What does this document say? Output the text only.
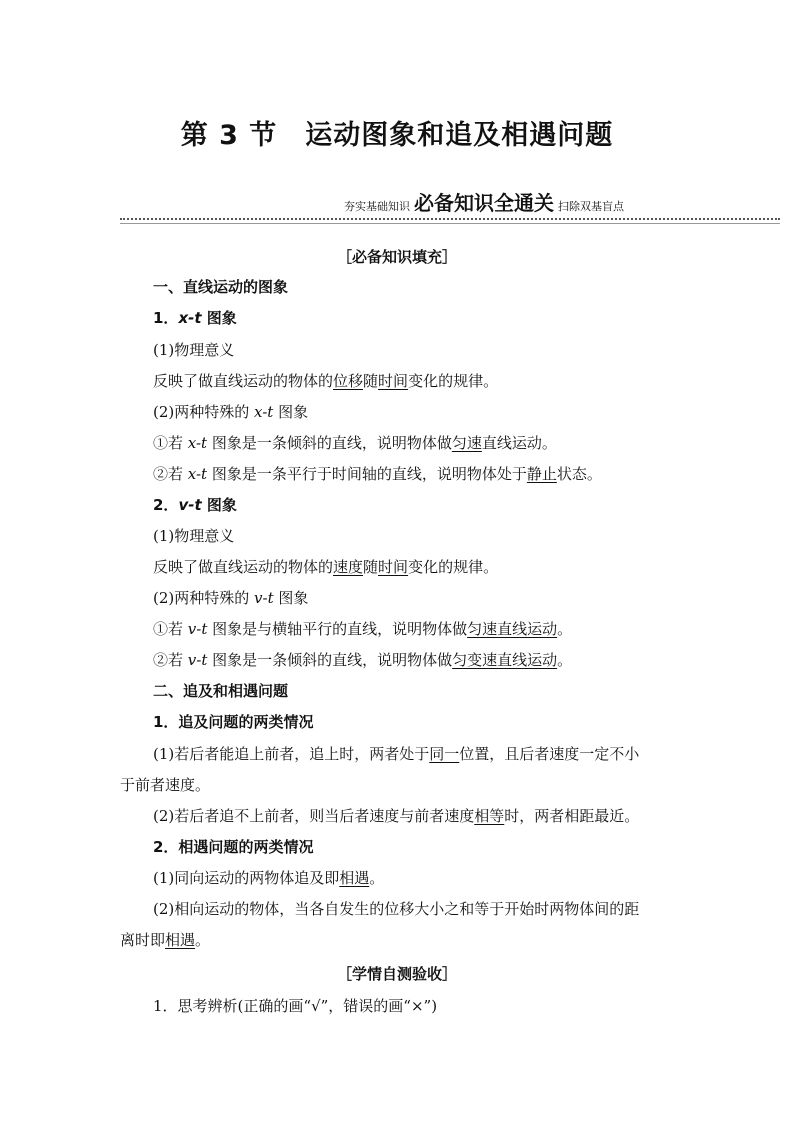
第 3 节 运动图象和追及相遇问题
夯实基础知识 必备知识全通关 扫除双基盲点
［必备知识填充］
一、直线运动的图象
1．x-t 图象
(1)物理意义
反映了做直线运动的物体的位移随时间变化的规律。
(2)两种特殊的 x-t 图象
①若 x-t 图象是一条倾斜的直线，说明物体做匀速直线运动。
②若 x-t 图象是一条平行于时间轴的直线，说明物体处于静止状态。
2．v-t 图象
(1)物理意义
反映了做直线运动的物体的速度随时间变化的规律。
(2)两种特殊的 v-t 图象
①若 v-t 图象是与横轴平行的直线，说明物体做匀速直线运动。
②若 v-t 图象是一条倾斜的直线，说明物体做匀变速直线运动。
二、追及和相遇问题
1．追及问题的两类情况
(1)若后者能追上前者，追上时，两者处于同一位置，且后者速度一定不小
于前者速度。
(2)若后者追不上前者，则当后者速度与前者速度相等时，两者相距最近。
2．相遇问题的两类情况
(1)同向运动的两物体追及即相遇。
(2)相向运动的物体，当各自发生的位移大小之和等于开始时两物体间的距
离时即相遇。
［学情自测验收］
1．思考辨析(正确的画“√”，错误的画“×”)
